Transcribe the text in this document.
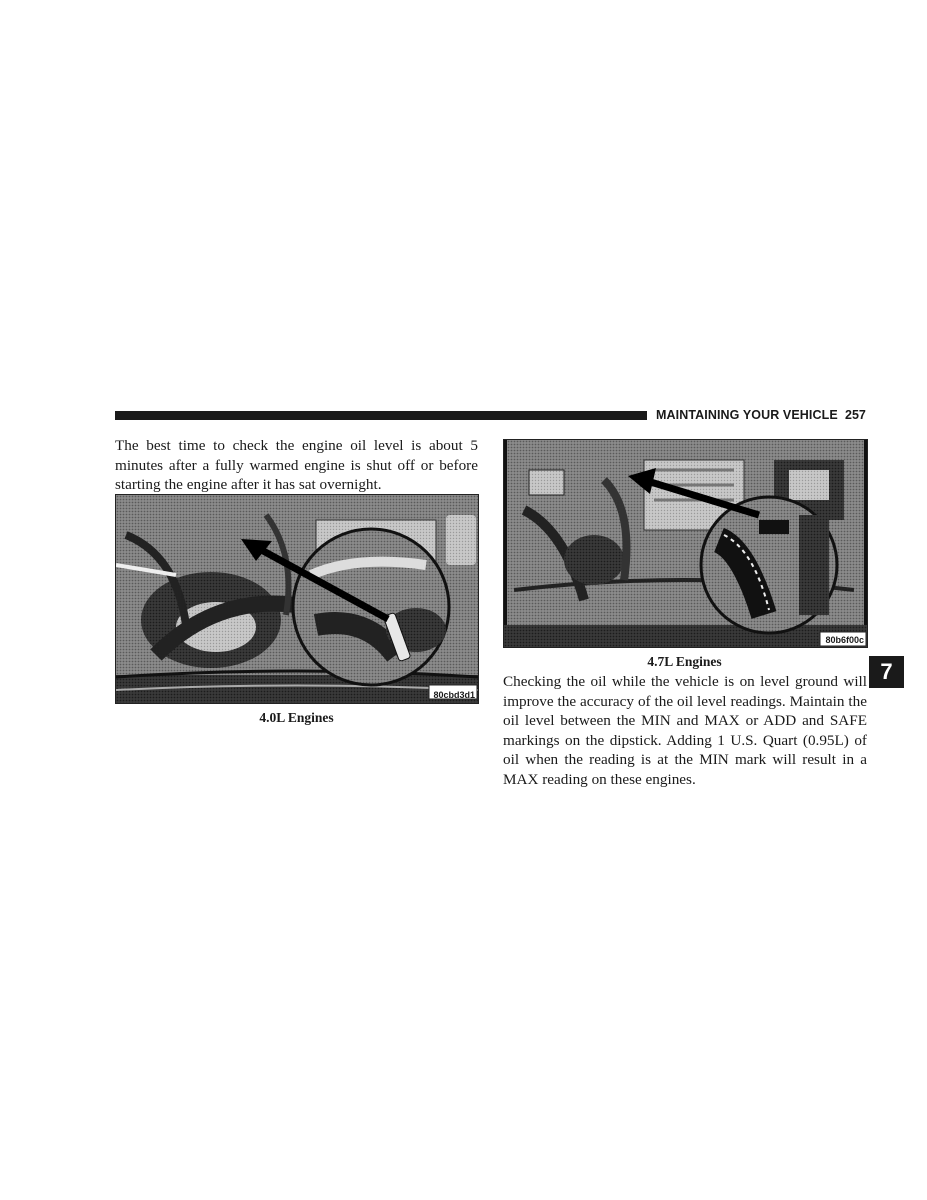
MAINTAINING YOUR VEHICLE 257

The best time to check the engine oil level is about 5 minutes after a fully warmed engine is shut off or before starting the engine after it has sat overnight.

80cbd3d1
4.0L Engines
80b6f00c
4.7L Engines

Checking the oil while the vehicle is on level ground will improve the accuracy of the oil level readings. Maintain the oil level between the MIN and MAX or ADD and SAFE markings on the dipstick. Adding 1 U.S. Quart (0.95L) of oil when the reading is at the MIN mark will result in a MAX reading on these engines.

7
